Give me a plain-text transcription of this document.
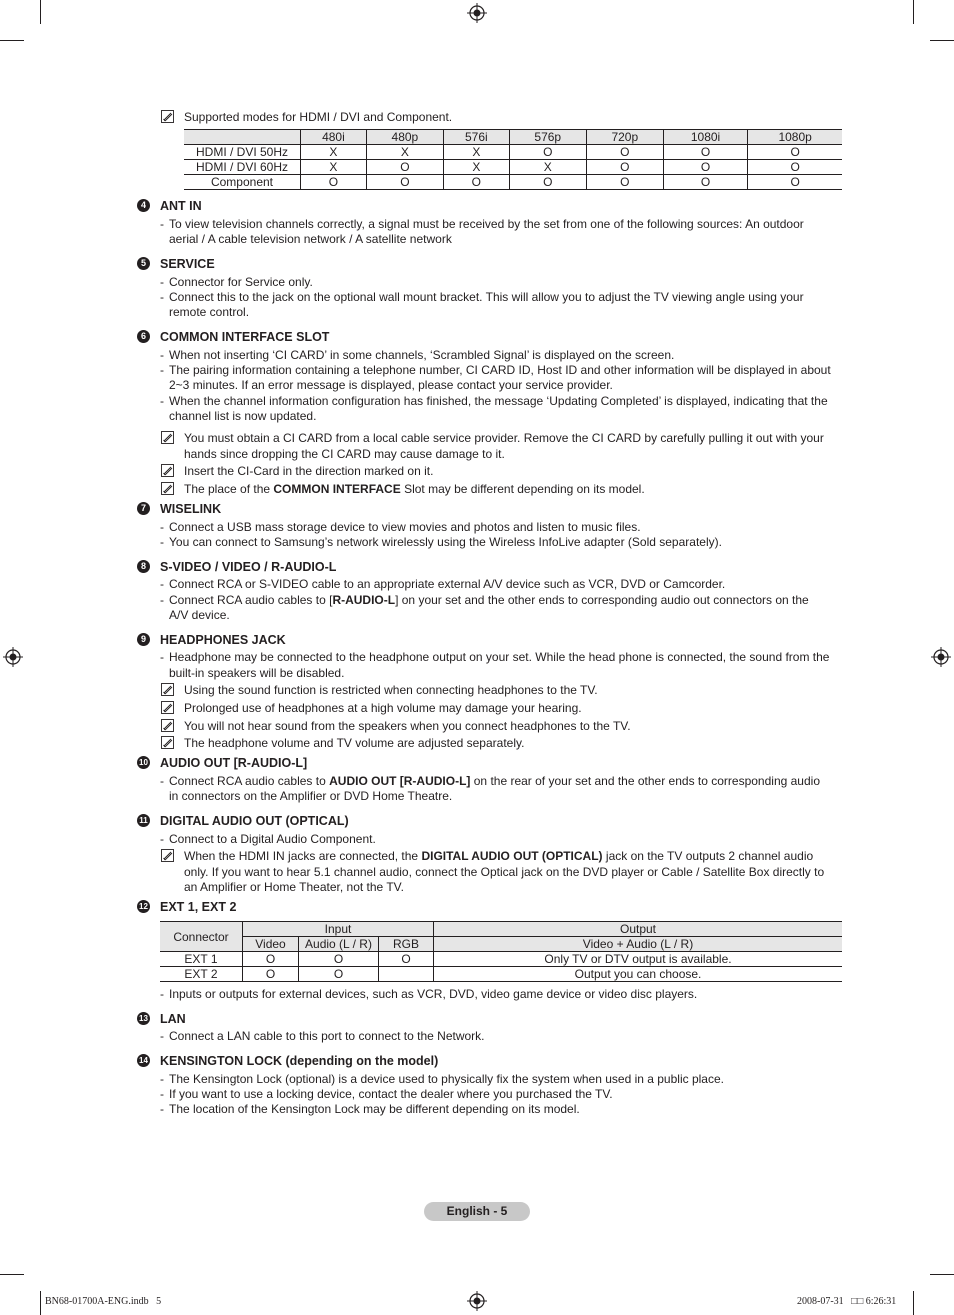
Supported modes for HDMI / DVI and Component.
	480i	480p	576i	576p	720p	1080i	1080p
HDMI / DVI 50Hz	X	X	X	O	O	O	O
HDMI / DVI 60Hz	X	O	X	X	O	O	O
Component	O	O	O	O	O	O	O
4	ANT IN
- To view television channels correctly, a signal must be received by the set from one of the following sources: An outdoor
aerial / A cable television network / A satellite network
5	SERVICE
- Connector for Service only.
- Connect this to the jack on the optional wall mount bracket. This will allow you to adjust the TV viewing angle using your
remote control.
6	COMMON INTERFACE SLOT
- When not inserting ‘CI CARD’ in some channels, ‘Scrambled Signal’ is displayed on the screen.
- The pairing information containing a telephone number, CI CARD ID, Host ID and other information will be displayed in about
2~3 minutes. If an error message is displayed, please contact your service provider.
- When the channel information configuration has finished, the message ‘Updating Completed’ is displayed, indicating that the
channel list is now updated.
You must obtain a CI CARD from a local cable service provider. Remove the CI CARD by carefully pulling it out with your
hands since dropping the CI CARD may cause damage to it.
Insert the CI-Card in the direction marked on it.
The place of the COMMON INTERFACE Slot may be different depending on its model.
7	WISELINK
- Connect a USB mass storage device to view movies and photos and listen to music files.
- You can connect to Samsung’s network wirelessly using the Wireless InfoLive adapter (Sold separately).
8	S-VIDEO / VIDEO / R-AUDIO-L
- Connect RCA or S-VIDEO cable to an appropriate external A/V device such as VCR, DVD or Camcorder.
- Connect RCA audio cables to [R-AUDIO-L] on your set and the other ends to corresponding audio out connectors on the
A/V device.
9	HEADPHONES JACK
- Headphone may be connected to the headphone output on your set. While the head phone is connected, the sound from the
built-in speakers will be disabled.
Using the sound function is restricted when connecting headphones to the TV.
Prolonged use of headphones at a high volume may damage your hearing.
You will not hear sound from the speakers when you connect headphones to the TV.
The headphone volume and TV volume are adjusted separately.
10 AUDIO OUT [R-AUDIO-L]
- Connect RCA audio cables to AUDIO OUT [R-AUDIO-L] on the rear of your set and the other ends to corresponding audio
in connectors on the Amplifier or DVD Home Theatre.
11 DIGITAL AUDIO OUT (OPTICAL)
- Connect to a Digital Audio Component.
When the HDMI IN jacks are connected, the DIGITAL AUDIO OUT (OPTICAL) jack on the TV outputs 2 channel audio
only. If you want to hear 5.1 channel audio, connect the Optical jack on the DVD player or Cable / Satellite Box directly to
an Amplifier or Home Theater, not the TV.
12 EXT 1, EXT 2
Connector	Input			Output
	Video	Audio (L / R)	RGB	Video + Audio (L / R)
EXT 1	O	O	O	Only TV or DTV output is available.
EXT 2	O	O		Output you can choose.
- Inputs or outputs for external devices, such as VCR, DVD, video game device or video disc players.
13 LAN
- Connect a LAN cable to this port to connect to the Network.
14 KENSINGTON LOCK (depending on the model)
- The Kensington Lock (optional) is a device used to physically fix the system when used in a public place.
- If you want to use a locking device, contact the dealer where you purchased the TV.
- The location of the Kensington Lock may be different depending on its model.
English - 5
BN68-01700A-ENG.indb   5	2008-07-31   □□ 6:26:31
